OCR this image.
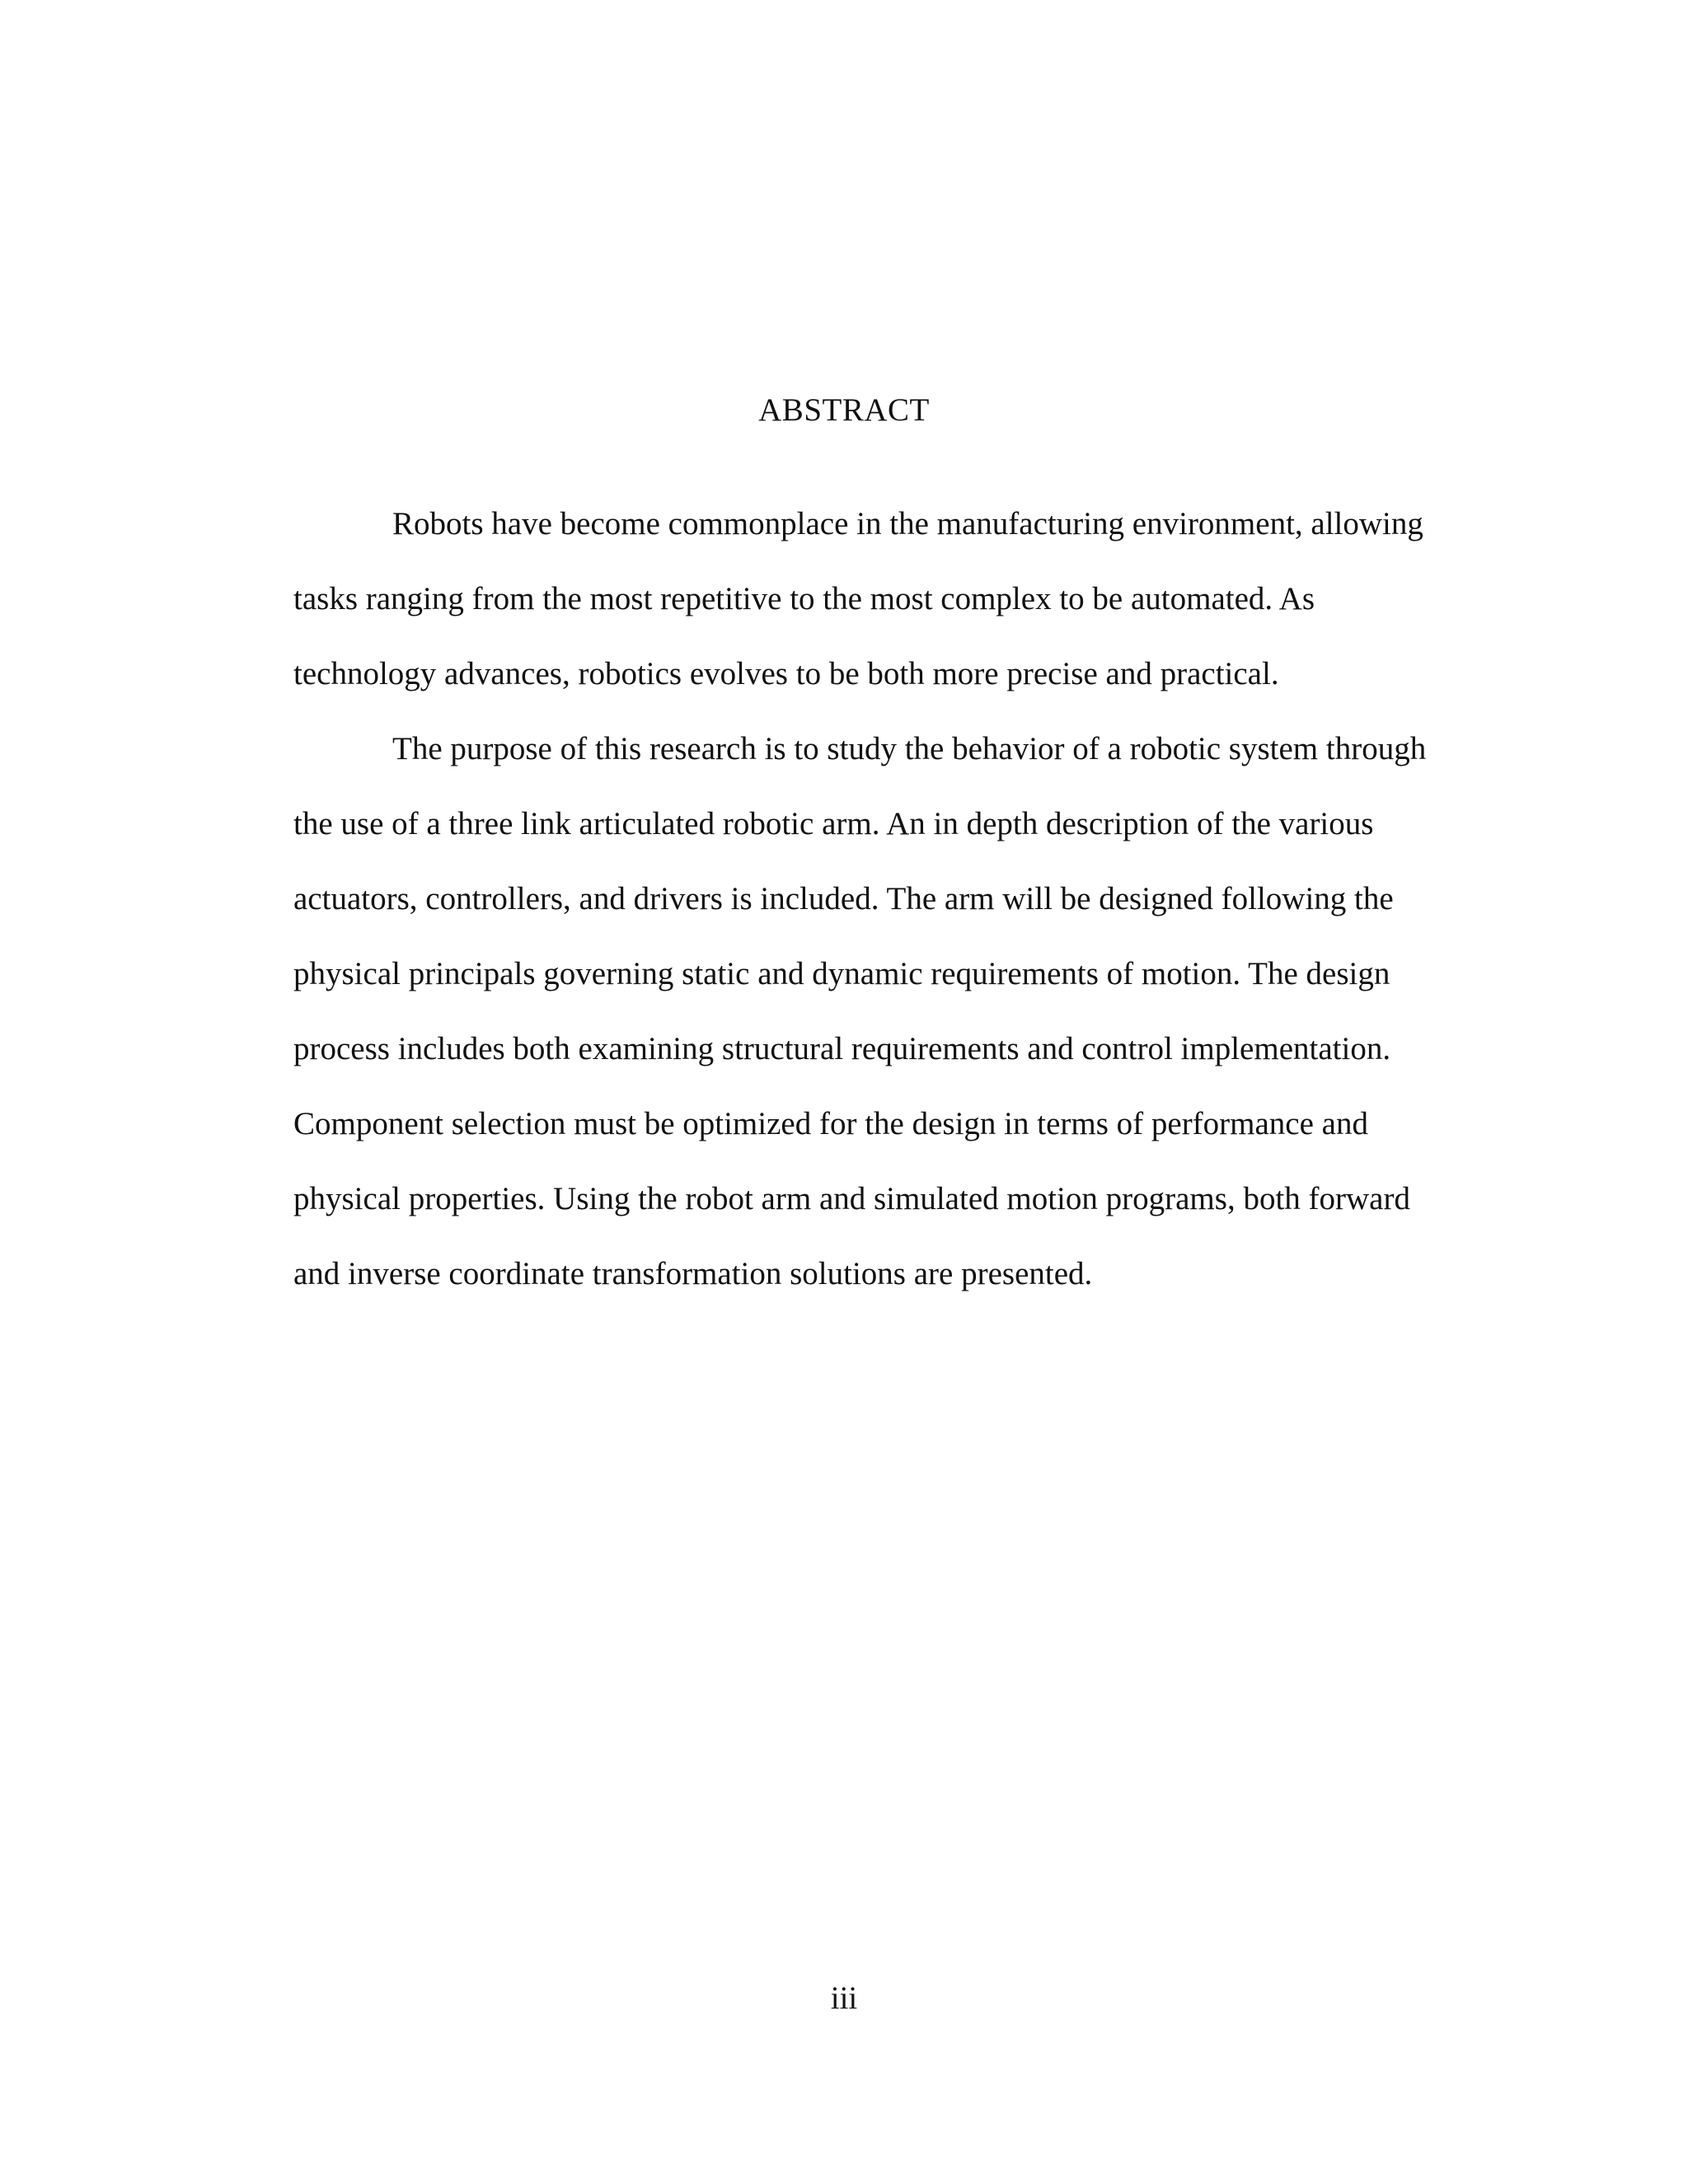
ABSTRACT
Robots have become commonplace in the manufacturing environment, allowing
tasks ranging from the most repetitive to the most complex to be automated. As
technology advances, robotics evolves to be both more precise and practical.
The purpose of this research is to study the behavior of a robotic system through
the use of a three link articulated robotic arm. An in depth description of the various
actuators, controllers, and drivers is included. The arm will be designed following the
physical principals governing static and dynamic requirements of motion. The design
process includes both examining structural requirements and control implementation.
Component selection must be optimized for the design in terms of performance and
physical properties. Using the robot arm and simulated motion programs, both forward
and inverse coordinate transformation solutions are presented.
iii
